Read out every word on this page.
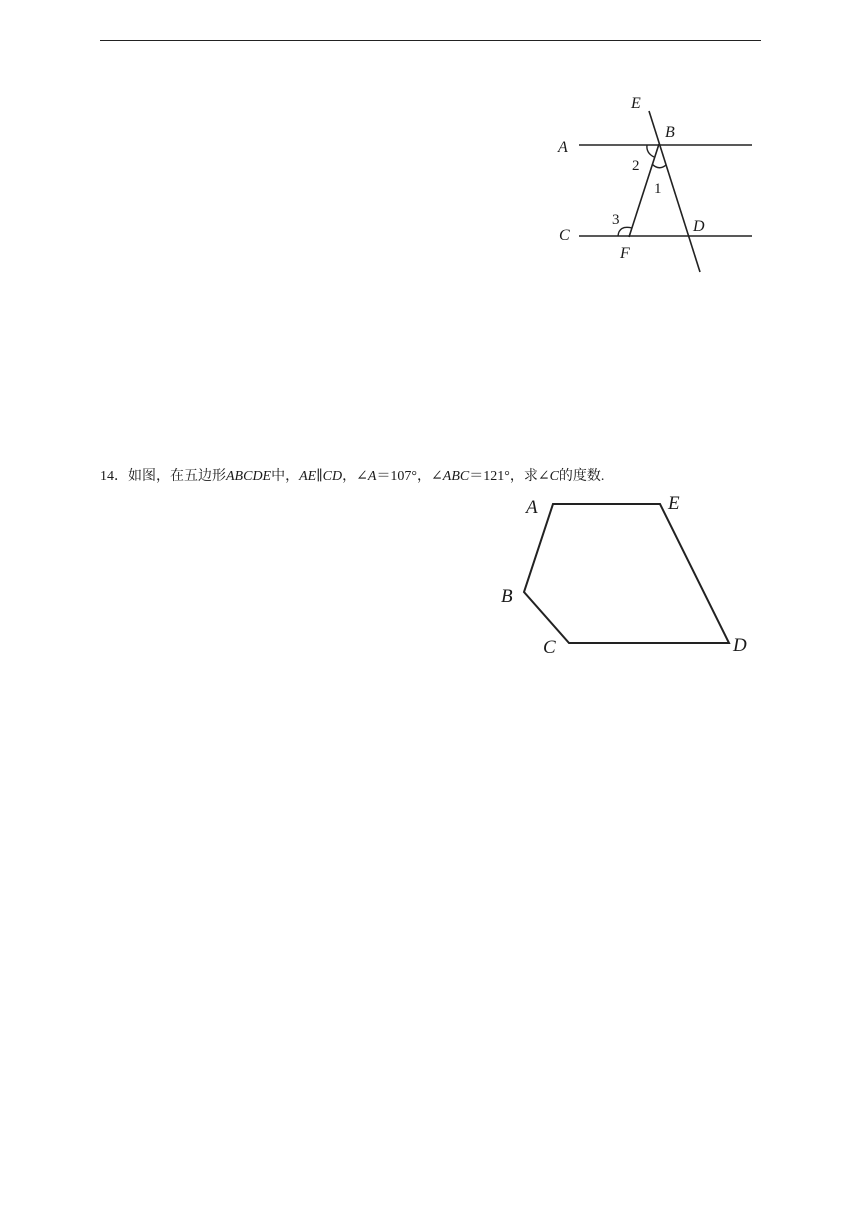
E
A
B
C
D
F
2
1
3
14．如图，在五边形ABCDE中，AE∥CD，∠A＝107°，∠ABC＝121°，求∠C的度数.
A	E
B
C	D
